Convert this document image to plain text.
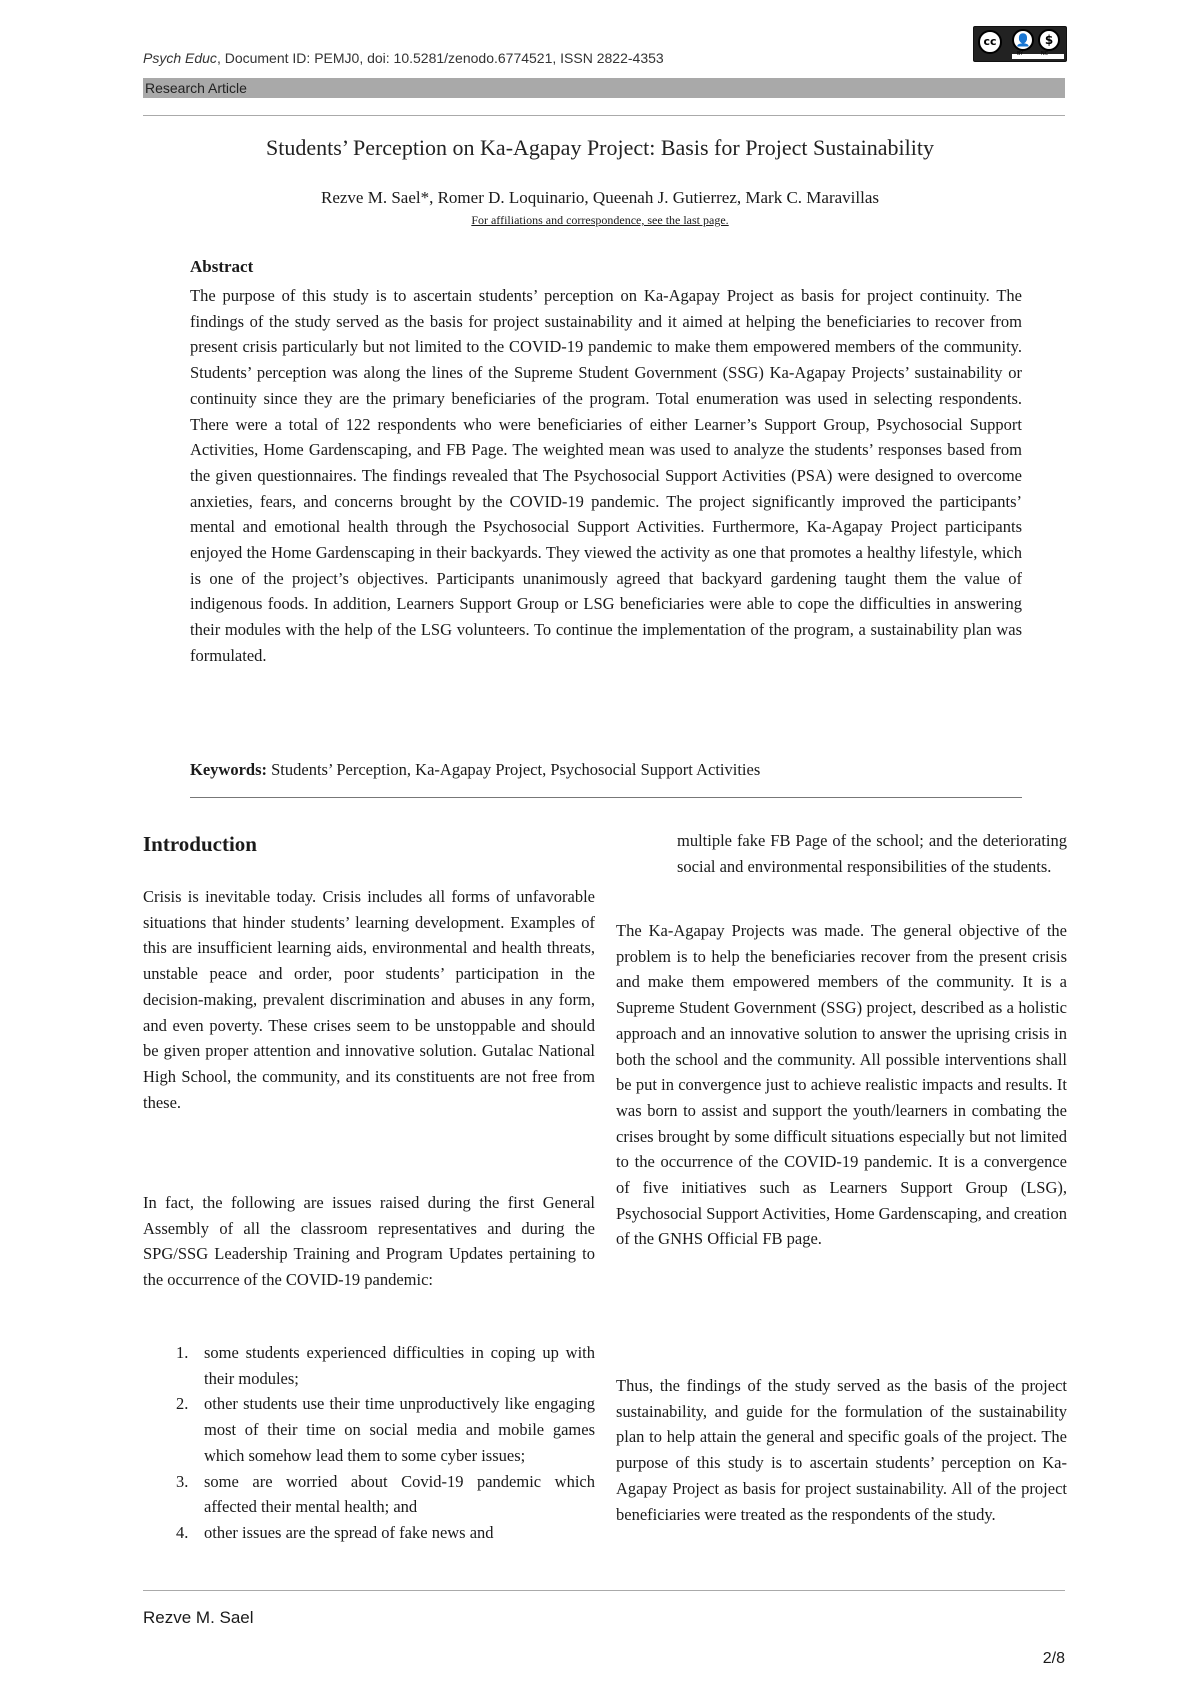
Psych Educ, Document ID: PEMJ0, doi: 10.5281/zenodo.6774521, ISSN 2822-4353
cc	👤	$
BY	NC
Research Article
Students’ Perception on Ka-Agapay Project: Basis for Project Sustainability
Rezve M. Sael*, Romer D. Loquinario, Queenah J. Gutierrez, Mark C. Maravillas
For affiliations and correspondence, see the last page.
Abstract

The purpose of this study is to ascertain students’ perception on Ka-Agapay Project as basis for project continuity. The findings of the study served as the basis for project sustainability and it aimed at helping the beneficiaries to recover from present crisis particularly but not limited to the COVID-19 pandemic to make them empowered members of the community. Students’ perception was along the lines of the Supreme Student Government (SSG) Ka-Agapay Projects’ sustainability or continuity since they are the primary beneficiaries of the program. Total enumeration was used in selecting respondents. There were a total of 122 respondents who were beneficiaries of either Learner’s Support Group, Psychosocial Support Activities, Home Gardenscaping, and FB Page. The weighted mean was used to analyze the students’ responses based from the given questionnaires. The findings revealed that The Psychosocial Support Activities (PSA) were designed to overcome anxieties, fears, and concerns brought by the COVID-19 pandemic. The project significantly improved the participants’ mental and emotional health through the Psychosocial Support Activities. Furthermore, Ka-Agapay Project participants enjoyed the Home Gardenscaping in their backyards. They viewed the activity as one that promotes a healthy lifestyle, which is one of the project’s objectives. Participants unanimously agreed that backyard gardening taught them the value of indigenous foods. In addition, Learners Support Group or LSG beneficiaries were able to cope the difficulties in answering their modules with the help of the LSG volunteers. To continue the implementation of the program, a sustainability plan was formulated.

Keywords: Students’ Perception, Ka-Agapay Project, Psychosocial Support Activities
Introduction

Crisis is inevitable today. Crisis includes all forms of unfavorable situations that hinder students’ learning development. Examples of this are insufficient learning aids, environmental and health threats, unstable peace and order, poor students’ participation in the decision-making, prevalent discrimination and abuses in any form, and even poverty. These crises seem to be unstoppable and should be given proper attention and innovative solution. Gutalac National High School, the community, and its constituents are not free from these.

In fact, the following are issues raised during the first General Assembly of all the classroom representatives and during the SPG/SSG Leadership Training and Program Updates pertaining to the occurrence of the COVID-19 pandemic:

1. some students experienced difficulties in coping up with their modules;
2. other students use their time unproductively like engaging most of their time on social media and mobile games which somehow lead them to some cyber issues;
3. some are worried about Covid-19 pandemic which affected their mental health; and
4. other issues are the spread of fake news and

multiple fake FB Page of the school; and the deteriorating social and environmental responsibilities of the students.

The Ka-Agapay Projects was made. The general objective of the problem is to help the beneficiaries recover from the present crisis and make them empowered members of the community. It is a Supreme Student Government (SSG) project, described as a holistic approach and an innovative solution to answer the uprising crisis in both the school and the community. All possible interventions shall be put in convergence just to achieve realistic impacts and results. It was born to assist and support the youth/learners in combating the crises brought by some difficult situations especially but not limited to the occurrence of the COVID-19 pandemic. It is a convergence of five initiatives such as Learners Support Group (LSG), Psychosocial Support Activities, Home Gardenscaping, and creation of the GNHS Official FB page.

Thus, the findings of the study served as the basis of the project sustainability, and guide for the formulation of the sustainability plan to help attain the general and specific goals of the project. The purpose of this study is to ascertain students’ perception on Ka-Agapay Project as basis for project sustainability. All of the project beneficiaries were treated as the respondents of the study.

Rezve M. Sael
2/8
